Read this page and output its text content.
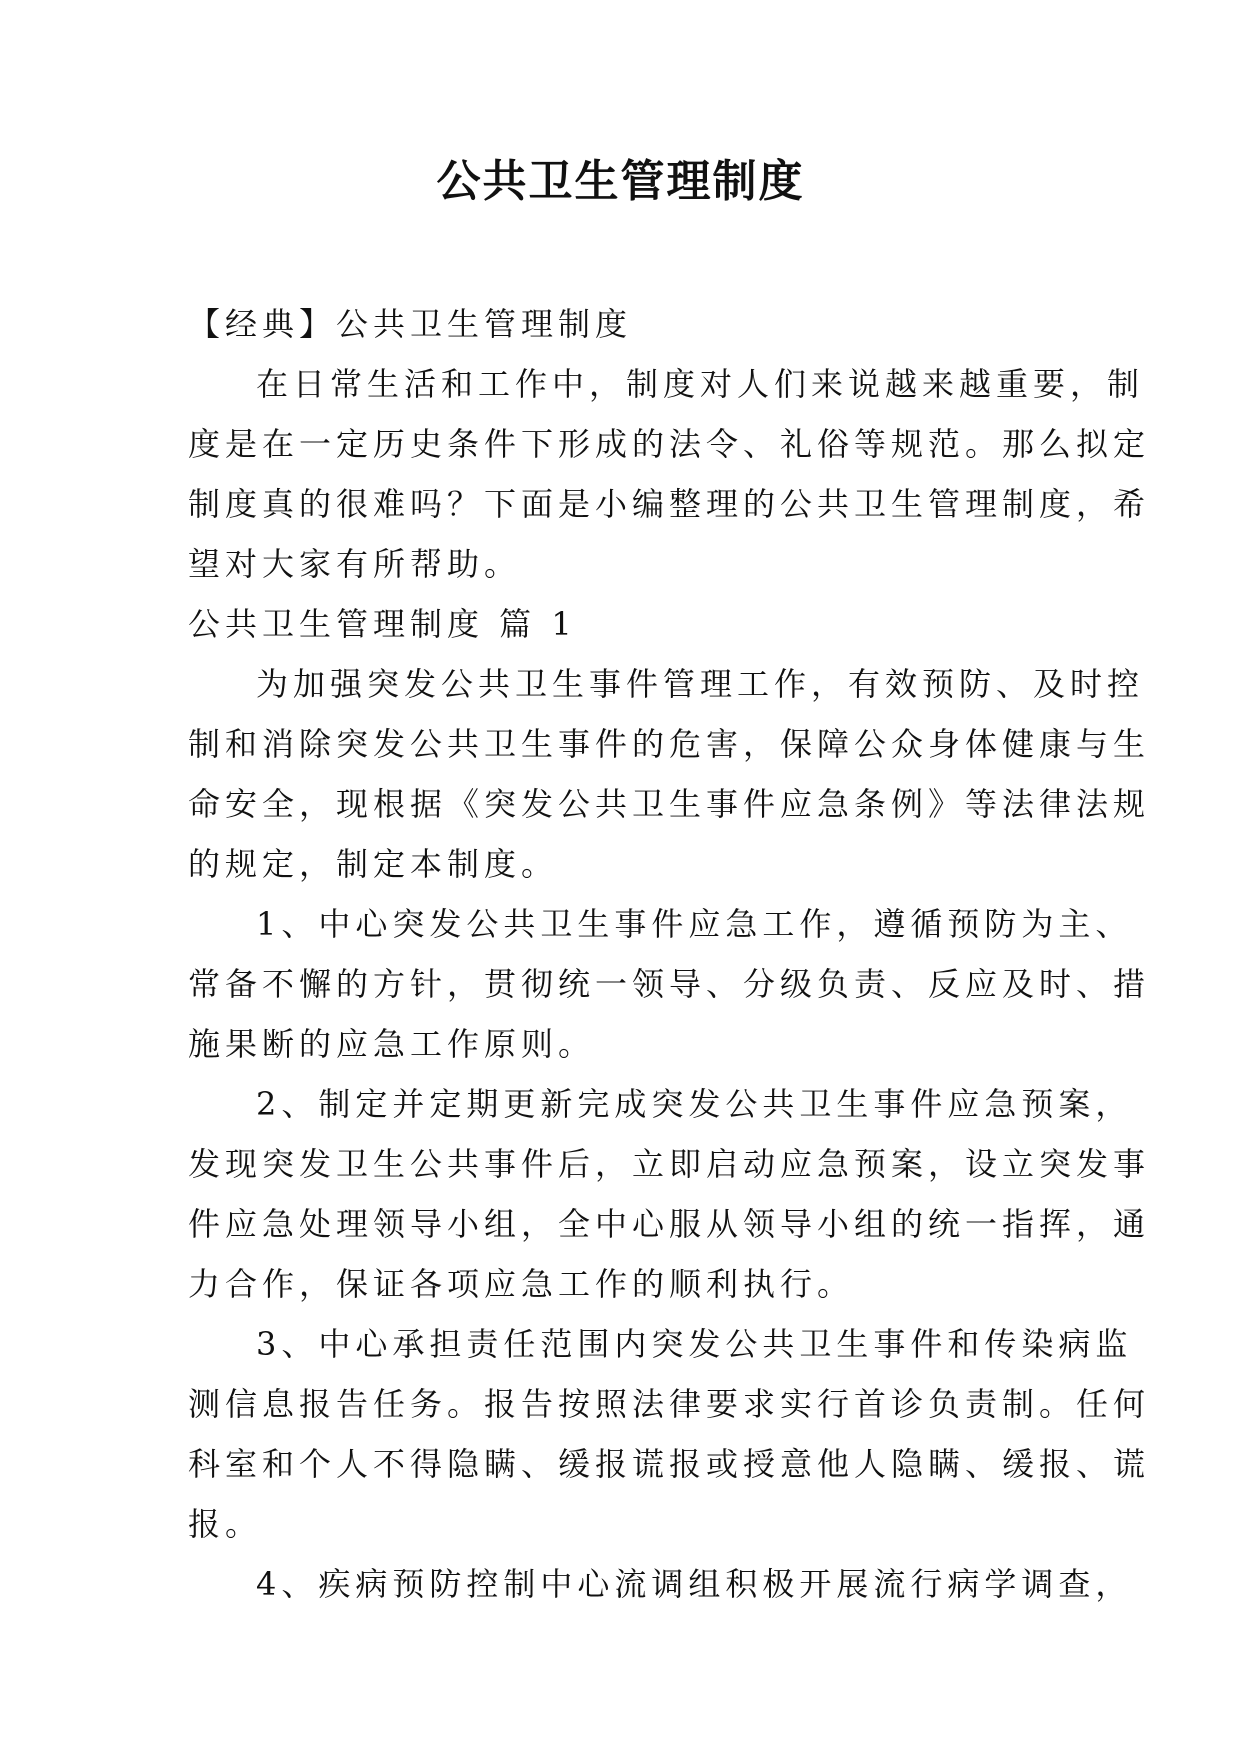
公共卫生管理制度
【经典】公共卫生管理制度
在日常生活和工作中，制度对人们来说越来越重要，制
度是在一定历史条件下形成的法令、礼俗等规范。那么拟定
制度真的很难吗？下面是小编整理的公共卫生管理制度，希
望对大家有所帮助。
公共卫生管理制度 篇 1
为加强突发公共卫生事件管理工作，有效预防、及时控
制和消除突发公共卫生事件的危害，保障公众身体健康与生
命安全，现根据《突发公共卫生事件应急条例》等法律法规
的规定，制定本制度。
1、中心突发公共卫生事件应急工作，遵循预防为主、
常备不懈的方针，贯彻统一领导、分级负责、反应及时、措
施果断的应急工作原则。
2、制定并定期更新完成突发公共卫生事件应急预案，
发现突发卫生公共事件后，立即启动应急预案，设立突发事
件应急处理领导小组，全中心服从领导小组的统一指挥，通
力合作，保证各项应急工作的顺利执行。
3、中心承担责任范围内突发公共卫生事件和传染病监
测信息报告任务。报告按照法律要求实行首诊负责制。任何
科室和个人不得隐瞒、缓报谎报或授意他人隐瞒、缓报、谎
报。
4、疾病预防控制中心流调组积极开展流行病学调查，
